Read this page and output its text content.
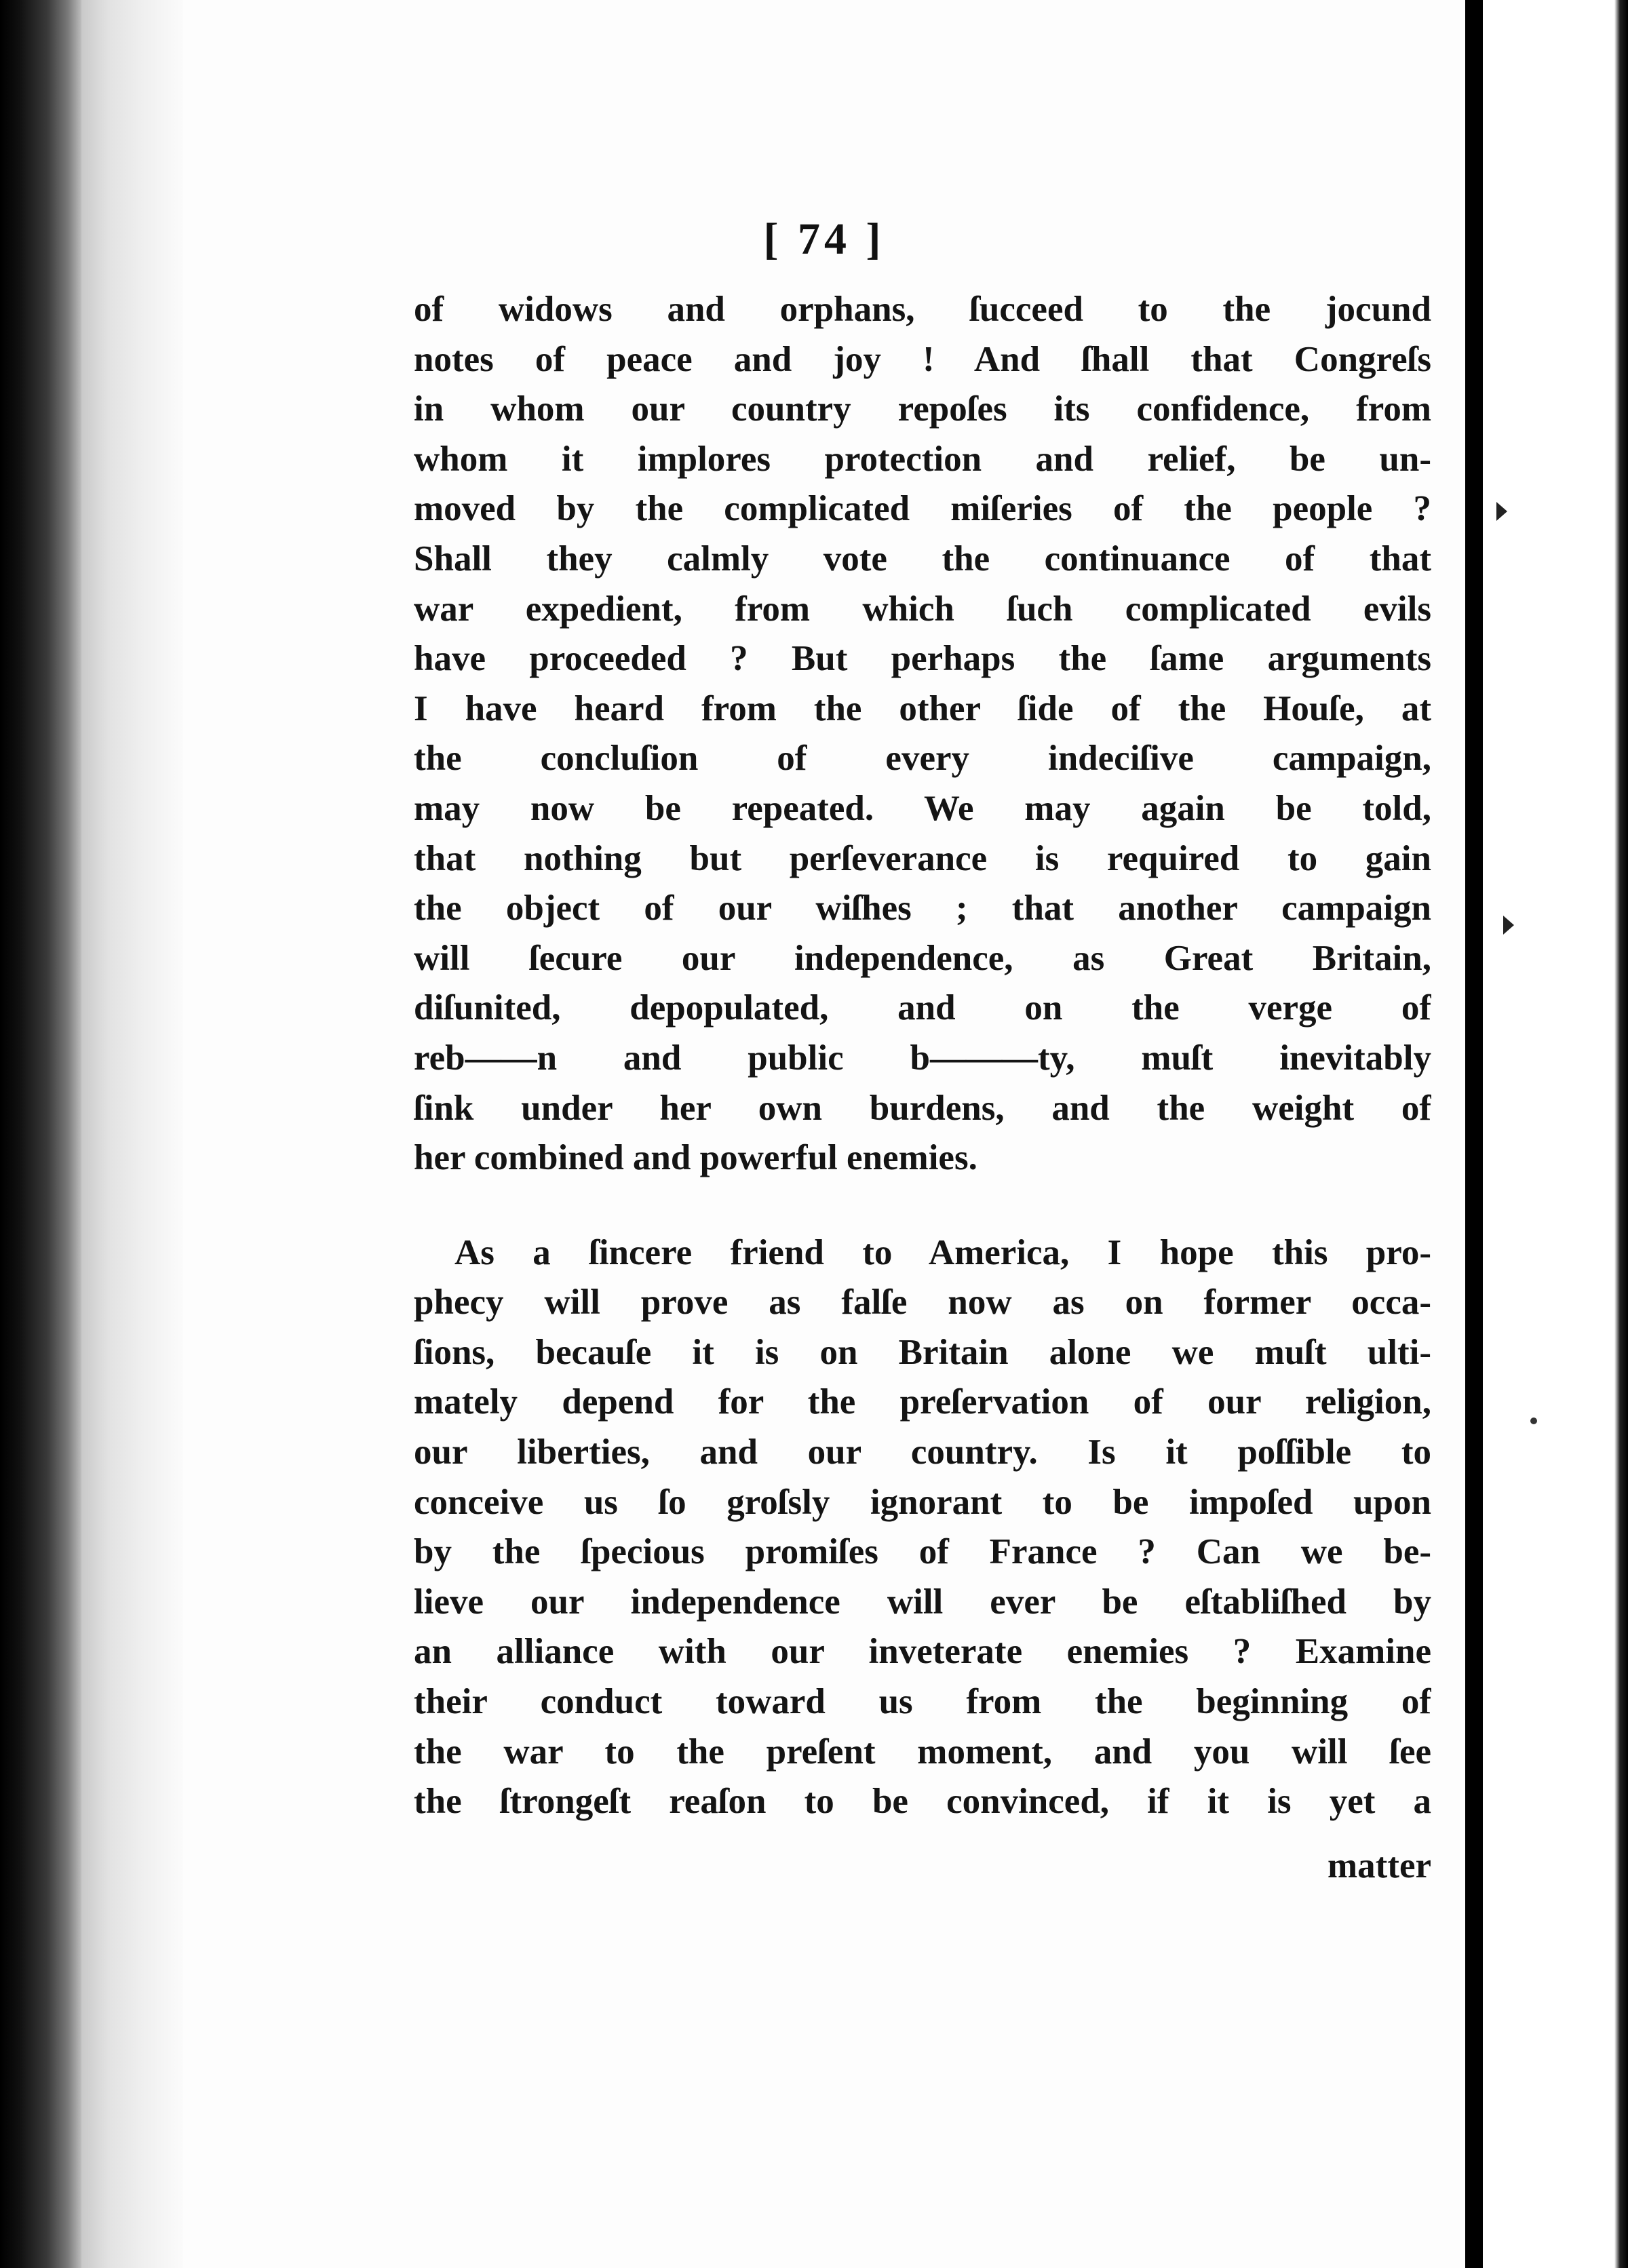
[ 74 ]
of widows and orphans, ſucceed to the jocund
notes of peace and joy ! And ſhall that Congreſs
in whom our country repoſes its confidence, from
whom it implores protection and relief, be un-
moved by the complicated miſeries of the people ?
Shall they calmly vote the continuance of that
war expedient, from which ſuch complicated evils
have proceeded ? But perhaps the ſame arguments
I have heard from the other ſide of the Houſe, at
the concluſion of every indeciſive campaign,
may now be repeated. We may again be told,
that nothing but perſeverance is required to gain
the object of our wiſhes ; that another campaign
will ſecure our independence, as Great Britain,
diſunited, depopulated, and on the verge of
reb——n and public b———ty, muſt inevitably
ſink under her own burdens, and the weight of
her combined and powerful enemies.
As a ſincere friend to America, I hope this pro-
phecy will prove as falſe now as on former occa-
ſions, becauſe it is on Britain alone we muſt ulti-
mately depend for the preſervation of our religion,
our liberties, and our country. Is it poſſible to
conceive us ſo groſsly ignorant to be impoſed upon
by the ſpecious promiſes of France ? Can we be-
lieve our independence will ever be eſtabliſhed by
an alliance with our inveterate enemies ? Examine
their conduct toward us from the beginning of
the war to the preſent moment, and you will ſee
the ſtrongeſt reaſon to be convinced, if it is yet a
matter
